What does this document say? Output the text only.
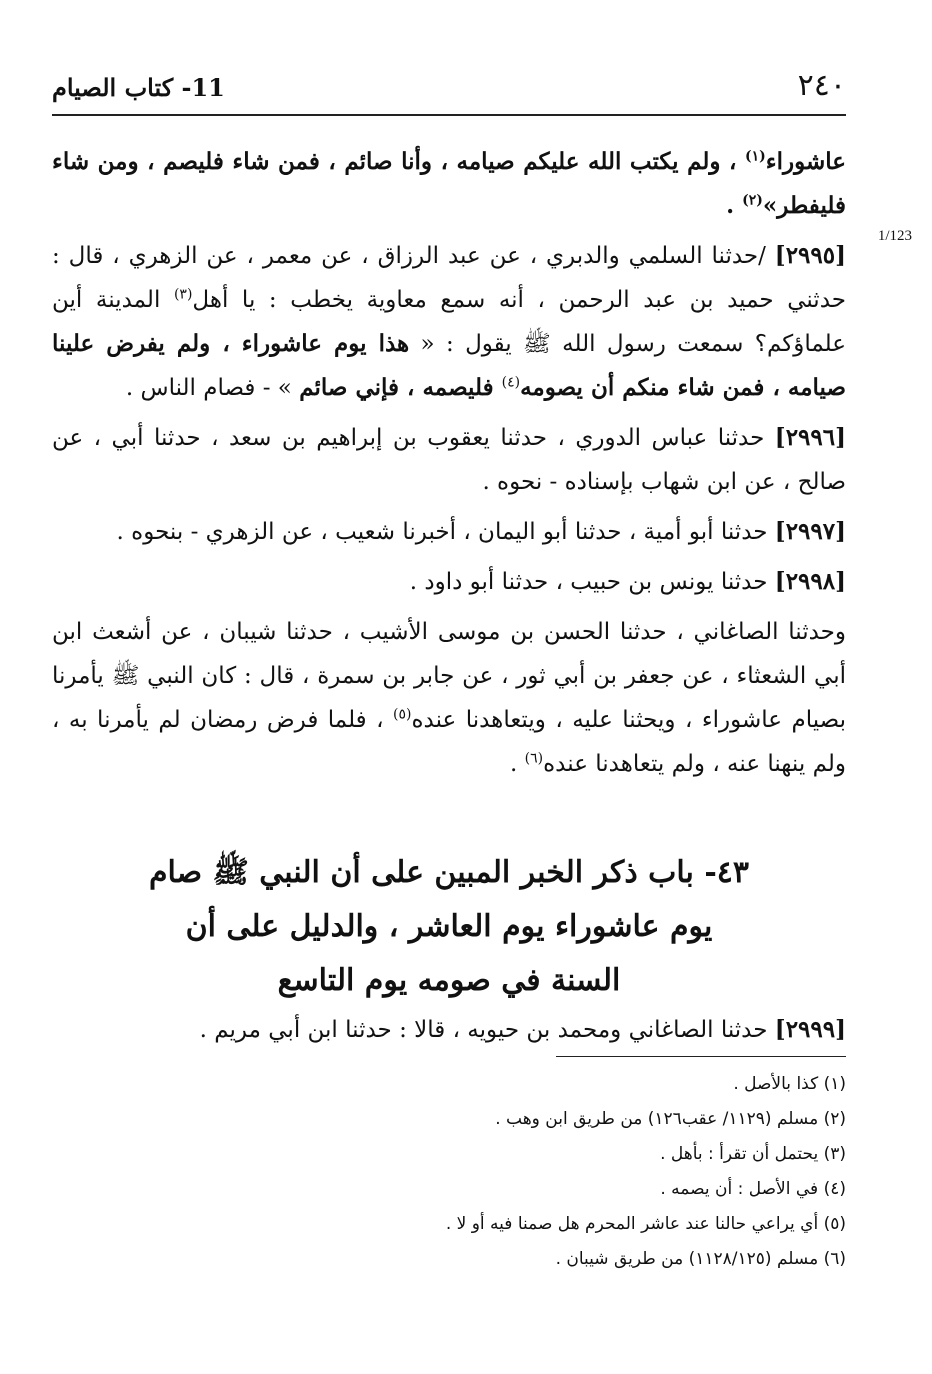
٢٤٠
11- كتاب الصيام
1/123

عاشوراء$^{(١)}$ ، ولم يكتب الله عليكم صيامه ، وأنا صائم ، فمن شاء فليصم ، ومن شاء فليفطر»$^{(٢)}$ .

[٢٩٩٥] /حدثنا السلمي والدبري ، عن عبد الرزاق ، عن معمر ، عن الزهري ، قال : حدثني حميد بن عبد الرحمن ، أنه سمع معاوية يخطب : يا أهل$^{(٣)}$ المدينة أين علماؤكم؟ سمعت رسول الله ﷺ يقول : « هذا يوم عاشوراء ، ولم يفرض علينا صيامه ، فمن شاء منكم أن يصومه$^{(٤)}$ فليصمه ، فإني صائم » - فصام الناس .

[٢٩٩٦] حدثنا عباس الدوري ، حدثنا يعقوب بن إبراهيم بن سعد ، حدثنا أبي ، عن صالح ، عن ابن شهاب بإسناده - نحوه .

[٢٩٩٧] حدثنا أبو أمية ، حدثنا أبو اليمان ، أخبرنا شعيب ، عن الزهري - بنحوه .

[٢٩٩٨] حدثنا يونس بن حبيب ، حدثنا أبو داود .

وحدثنا الصاغاني ، حدثنا الحسن بن موسى الأشيب ، حدثنا شيبان ، عن أشعث ابن أبي الشعثاء ، عن جعفر بن أبي ثور ، عن جابر بن سمرة ، قال : كان النبي ﷺ يأمرنا بصيام عاشوراء ، ويحثنا عليه ، ويتعاهدنا عنده$^{(٥)}$ ، فلما فرض رمضان لم يأمرنا به ، ولم ينهنا عنه ، ولم يتعاهدنا عنده$^{(٦)}$ .

٤٣- باب ذكر الخبر المبين على أن النبي ﷺ صام
يوم عاشوراء يوم العاشر ، والدليل على أن
السنة في صومه يوم التاسع
[٢٩٩٩] حدثنا الصاغاني ومحمد بن حيويه ، قالا : حدثنا ابن أبي مريم .

(١) كذا بالأصل .

(٢) مسلم (١١٢٩/ عقب١٢٦) من طريق ابن وهب .

(٣) يحتمل أن تقرأ : بأهل .

(٤) في الأصل : أن يصمه .

(٥) أي يراعي حالنا عند عاشر المحرم هل صمنا فيه أو لا .

(٦) مسلم (١١٢٨/١٢٥) من طريق شيبان .
